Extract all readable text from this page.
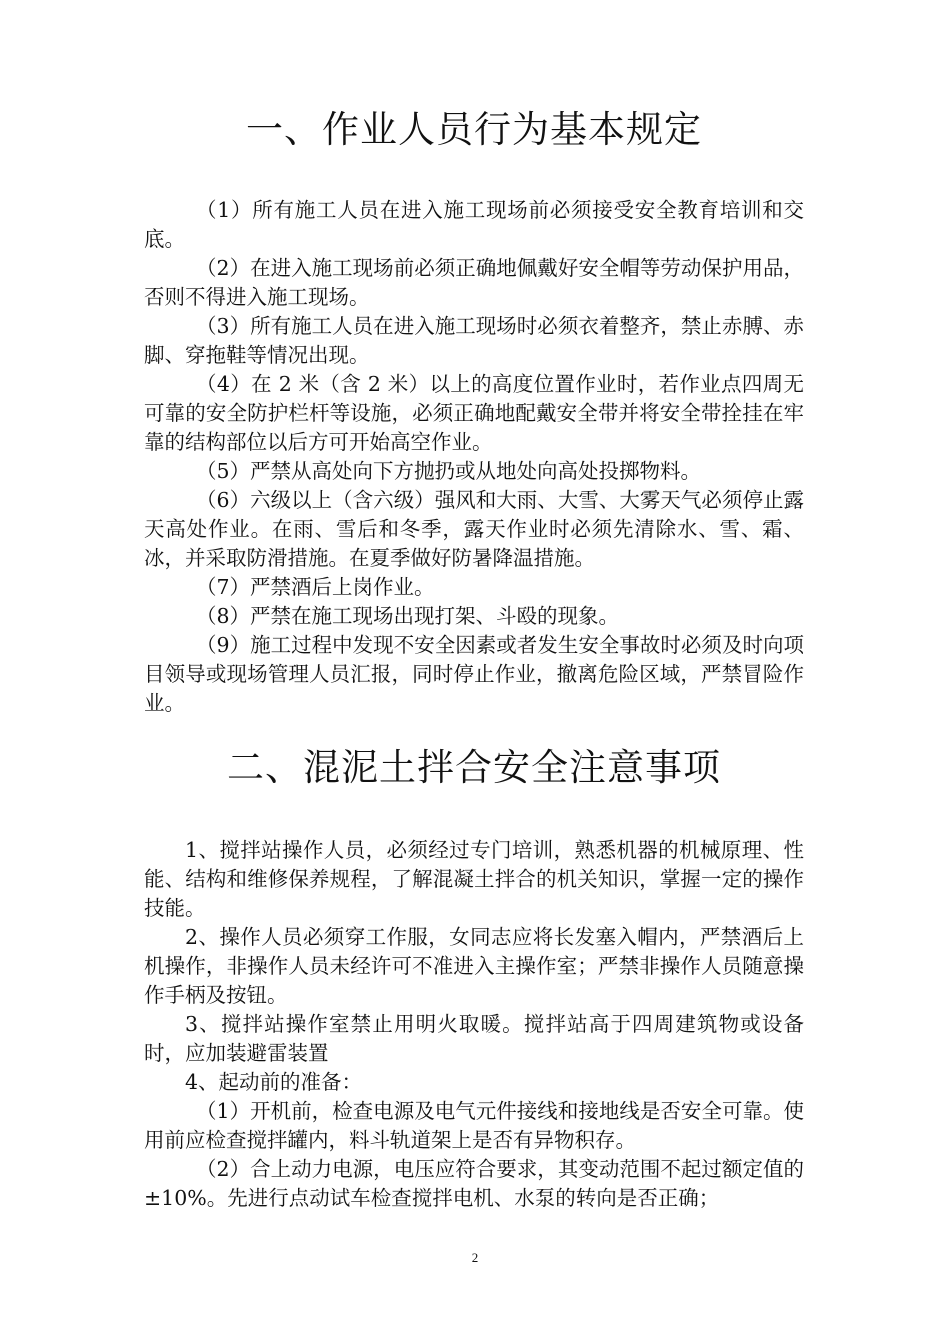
一、作业人员行为基本规定

（1）所有施工人员在进入施工现场前必须接受安全教育培训和交底。

（2）在进入施工现场前必须正确地佩戴好安全帽等劳动保护用品，否则不得进入施工现场。

（3）所有施工人员在进入施工现场时必须衣着整齐，禁止赤膊、赤脚、穿拖鞋等情况出现。

（4）在 2 米（含 2 米）以上的高度位置作业时，若作业点四周无可靠的安全防护栏杆等设施，必须正确地配戴安全带并将安全带拴挂在牢靠的结构部位以后方可开始高空作业。

（5）严禁从高处向下方抛扔或从地处向高处投掷物料。

（6）六级以上（含六级）强风和大雨、大雪、大雾天气必须停止露天高处作业。在雨、雪后和冬季，露天作业时必须先清除水、雪、霜、冰，并采取防滑措施。在夏季做好防暑降温措施。

（7）严禁酒后上岗作业。

（8）严禁在施工现场出现打架、斗殴的现象。

（9）施工过程中发现不安全因素或者发生安全事故时必须及时向项目领导或现场管理人员汇报，同时停止作业，撤离危险区域，严禁冒险作业。

二、混泥土拌合安全注意事项

1、搅拌站操作人员，必须经过专门培训，熟悉机器的机械原理、性能、结构和维修保养规程，了解混凝土拌合的机关知识，掌握一定的操作技能。

2、操作人员必须穿工作服，女同志应将长发塞入帽内，严禁酒后上机操作，非操作人员未经许可不准进入主操作室；严禁非操作人员随意操作手柄及按钮。

3、搅拌站操作室禁止用明火取暖。搅拌站高于四周建筑物或设备时，应加装避雷装置

4、起动前的准备：

（1）开机前，检查电源及电气元件接线和接地线是否安全可靠。使用前应检查搅拌罐内，料斗轨道架上是否有异物积存。

（2）合上动力电源，电压应符合要求，其变动范围不起过额定值的±10%。先进行点动试车检查搅拌电机、水泵的转向是否正确；

2
